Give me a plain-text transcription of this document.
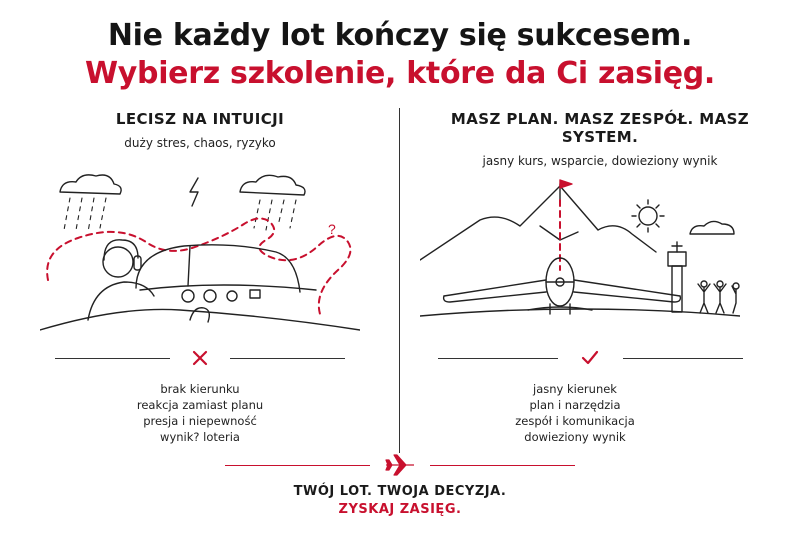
Nie każdy lot kończy się sukcesem.
Wybierz szkolenie, które da Ci zasięg.
LECISZ NA INTUICJI
duży stres, chaos, ryzyko
?
MASZ PLAN. MASZ ZESPÓŁ. MASZ SYSTEM.
jasny kurs, wsparcie, dowieziony wynik
brak kierunku
reakcja zamiast planu
presja i niepewność
wynik? loteria
jasny kierunek
plan i narzędzia
zespół i komunikacja
dowieziony wynik
TWÓJ LOT. TWOJA DECYZJA.
ZYSKAJ ZASIĘG.
